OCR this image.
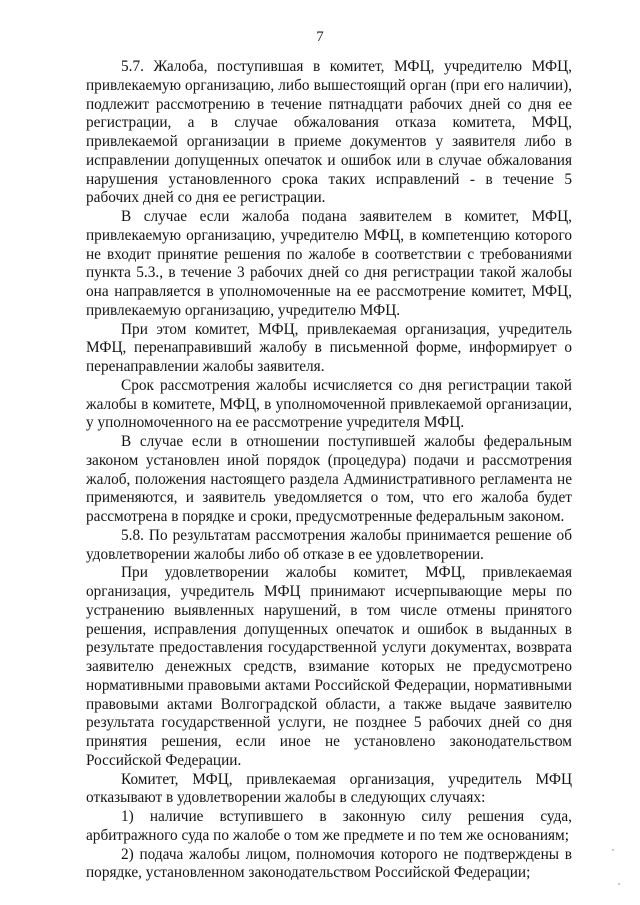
7

5.7. Жалоба, поступившая в комитет, МФЦ, учредителю МФЦ, привлекаемую организацию, либо вышестоящий орган (при его наличии), подлежит рассмотрению в течение пятнадцати рабочих дней со дня ее регистрации, а в случае обжалования отказа комитета, МФЦ, привлекаемой организации в приеме документов у заявителя либо в исправлении допущенных опечаток и ошибок или в случае обжалования нарушения установленного срока таких исправлений - в течение 5 рабочих дней со дня ее регистрации.

В случае если жалоба подана заявителем в комитет, МФЦ, привлекаемую организацию, учредителю МФЦ, в компетенцию которого не входит принятие решения по жалобе в соответствии с требованиями пункта 5.3., в течение 3 рабочих дней со дня регистрации такой жалобы она направляется в уполномоченные на ее рассмотрение комитет, МФЦ, привлекаемую организацию, учредителю МФЦ.

При этом комитет, МФЦ, привлекаемая организация, учредитель МФЦ, перенаправивший жалобу в письменной форме, информирует о перенаправлении жалобы заявителя.

Срок рассмотрения жалобы исчисляется со дня регистрации такой жалобы в комитете, МФЦ, в уполномоченной привлекаемой организации, у уполномоченного на ее рассмотрение учредителя МФЦ.

В случае если в отношении поступившей жалобы федеральным законом установлен иной порядок (процедура) подачи и рассмотрения жалоб, положения настоящего раздела Административного регламента не применяются, и заявитель уведомляется о том, что его жалоба будет рассмотрена в порядке и сроки, предусмотренные федеральным законом.

5.8. По результатам рассмотрения жалобы принимается решение об удовлетворении жалобы либо об отказе в ее удовлетворении.

При удовлетворении жалобы комитет, МФЦ, привлекаемая организация, учредитель МФЦ принимают исчерпывающие меры по устранению выявленных нарушений, в том числе отмены принятого решения, исправления допущенных опечаток и ошибок в выданных в результате предоставления государственной услуги документах, возврата заявителю денежных средств, взимание которых не предусмотрено нормативными правовыми актами Российской Федерации, нормативными правовыми актами Волгоградской области, а также выдаче заявителю результата государственной услуги, не позднее 5 рабочих дней со дня принятия решения, если иное не установлено законодательством Российской Федерации.

Комитет, МФЦ, привлекаемая организация, учредитель МФЦ отказывают в удовлетворении жалобы в следующих случаях:

1) наличие вступившего в законную силу решения суда, арбитражного суда по жалобе о том же предмете и по тем же основаниям;

2) подача жалобы лицом, полномочия которого не подтверждены в порядке, установленном законодательством Российской Федерации;
